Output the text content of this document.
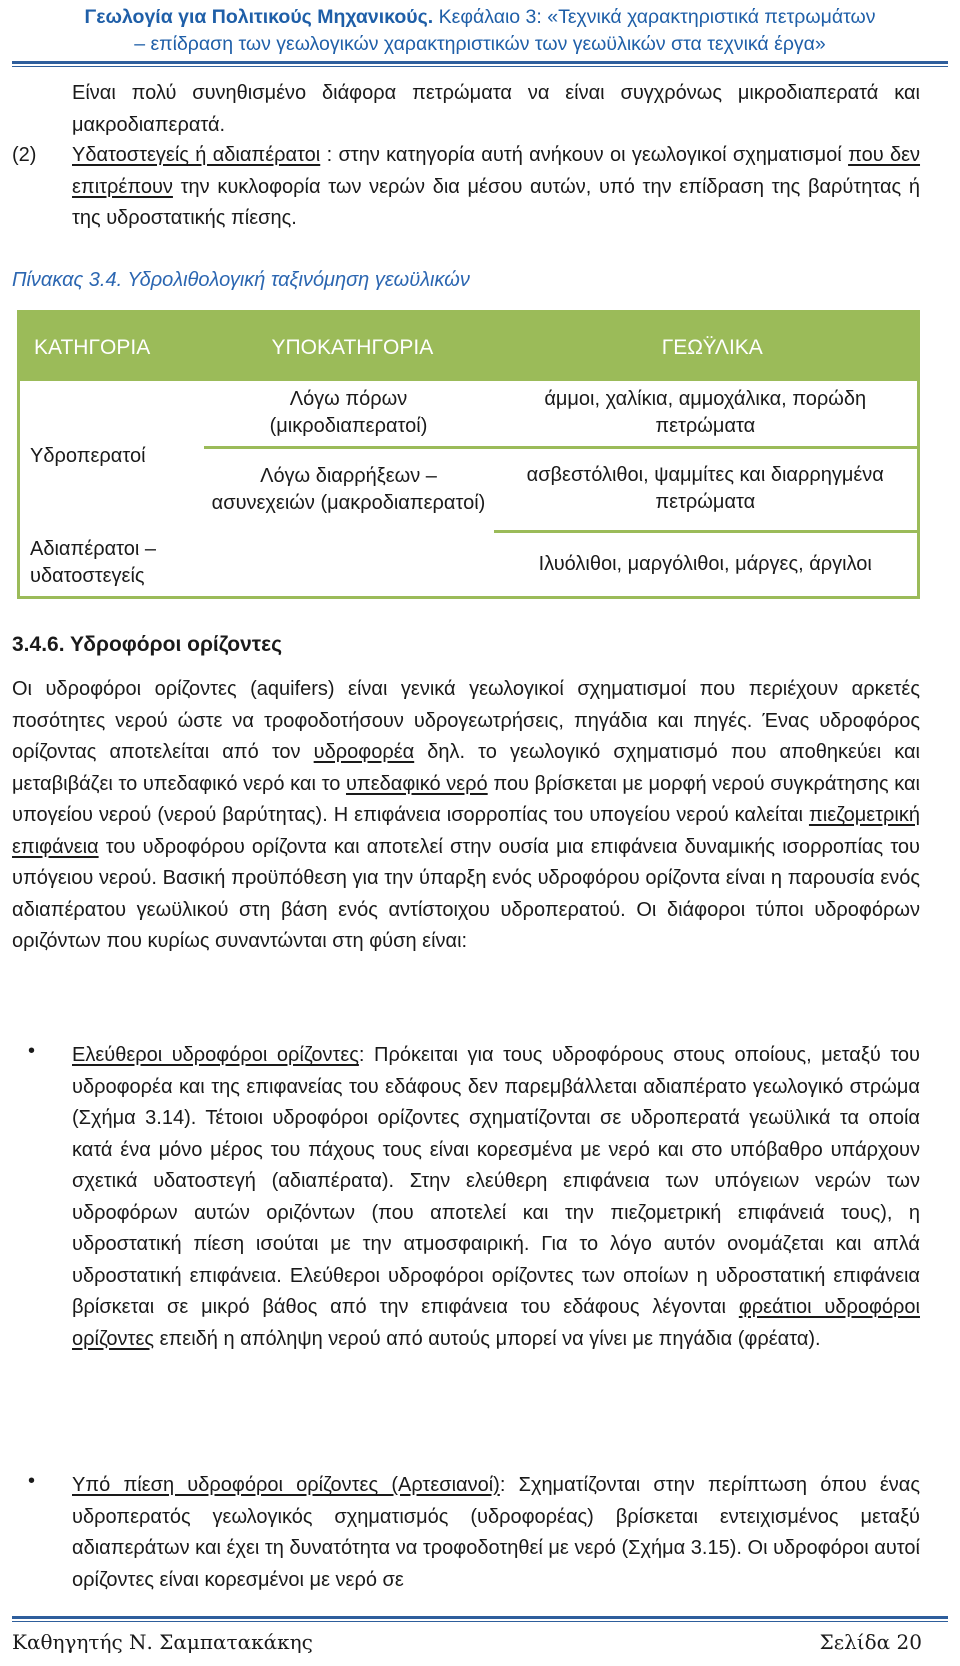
Γεωλογία για Πολιτικούς Μηχανικούς. Κεφάλαιο 3: «Τεχνικά χαρακτηριστικά πετρωμάτων
– επίδραση των γεωλογικών χαρακτηριστικών των γεωϋλικών στα τεχνικά έργα»
Είναι πολύ συνηθισμένο διάφορα πετρώματα να είναι συγχρόνως μικροδιαπερατά και μακροδιαπερατά.
(2)	Υδατοστεγείς ή αδιαπέρατοι : στην κατηγορία αυτή ανήκουν οι γεωλογικοί σχηματισμοί που δεν επιτρέπουν την κυκλοφορία των νερών δια μέσου αυτών, υπό την επίδραση της βαρύτητας ή της υδροστατικής πίεσης.
Πίνακας 3.4. Υδρολιθολογική ταξινόμηση γεωϋλικών
ΚΑΤΗΓΟΡΙΑ	ΥΠΟΚΑΤΗΓΟΡΙΑ	ΓΕΩΫΛΙΚΑ
Υδροπερατοί	Λόγω πόρων (μικροδιαπερατοί)	άμμοι, χαλίκια, αμμοχάλικα, πορώδη πετρώματα
	Λόγω διαρρήξεων – ασυνεχειών (μακροδιαπερατοί)	ασβεστόλιθοι, ψαμμίτες και διαρρηγμένα πετρώματα
Αδιαπέρατοι – υδατοστεγείς		Ιλυόλιθοι, μαργόλιθοι, μάργες, άργιλοι
3.4.6. Υδροφόροι ορίζοντες
Οι υδροφόροι ορίζοντες (aquifers) είναι γενικά γεωλογικοί σχηματισμοί που περιέχουν αρκετές ποσότητες νερού ώστε να τροφοδοτήσουν υδρογεωτρήσεις, πηγάδια και πηγές. Ένας υδροφόρος ορίζοντας αποτελείται από τον υδροφορέα δηλ. το γεωλογικό σχηματισμό που αποθηκεύει και μεταβιβάζει το υπεδαφικό νερό και το υπεδαφικό νερό που βρίσκεται με μορφή νερού συγκράτησης και υπογείου νερού (νερού βαρύτητας). Η επιφάνεια ισορροπίας του υπογείου νερού καλείται πιεζομετρική επιφάνεια του υδροφόρου ορίζοντα και αποτελεί στην ουσία μια επιφάνεια δυναμικής ισορροπίας του υπόγειου νερού. Βασική προϋπόθεση για την ύπαρξη ενός υδροφόρου ορίζοντα είναι η παρουσία ενός αδιαπέρατου γεωϋλικού στη βάση ενός αντίστοιχου υδροπερατού. Οι διάφοροι τύποι υδροφόρων οριζόντων που κυρίως συναντώνται στη φύση είναι:
• Ελεύθεροι υδροφόροι ορίζοντες: Πρόκειται για τους υδροφόρους στους οποίους, μεταξύ του υδροφορέα και της επιφανείας του εδάφους δεν παρεμβάλλεται αδιαπέρατο γεωλογικό στρώμα (Σχήμα 3.14). Τέτοιοι υδροφόροι ορίζοντες σχηματίζονται σε υδροπερατά γεωϋλικά τα οποία κατά ένα μόνο μέρος του πάχους τους είναι κορεσμένα με νερό και στο υπόβαθρο υπάρχουν σχετικά υδατοστεγή (αδιαπέρατα). Στην ελεύθερη επιφάνεια των υπόγειων νερών των υδροφόρων αυτών οριζόντων (που αποτελεί και την πιεζομετρική επιφάνειά τους), η υδροστατική πίεση ισούται με την ατμοσφαιρική. Για το λόγο αυτόν ονομάζεται και απλά υδροστατική επιφάνεια. Ελεύθεροι υδροφόροι ορίζοντες των οποίων η υδροστατική επιφάνεια βρίσκεται σε μικρό βάθος από την επιφάνεια του εδάφους λέγονται φρεάτιοι υδροφόροι ορίζοντες επειδή η απόληψη νερού από αυτούς μπορεί να γίνει με πηγάδια (φρέατα).
• Υπό πίεση υδροφόροι ορίζοντες (Αρτεσιανοί): Σχηματίζονται στην περίπτωση όπου ένας υδροπερατός γεωλογικός σχηματισμός (υδροφορέας) βρίσκεται εντειχισμένος μεταξύ αδιαπεράτων και έχει τη δυνατότητα να τροφοδοτηθεί με νερό (Σχήμα 3.15). Οι υδροφόροι αυτοί ορίζοντες είναι κορεσμένοι με νερό σε
Καθηγητής Ν. Σαμπατακάκης	Σελίδα 20
